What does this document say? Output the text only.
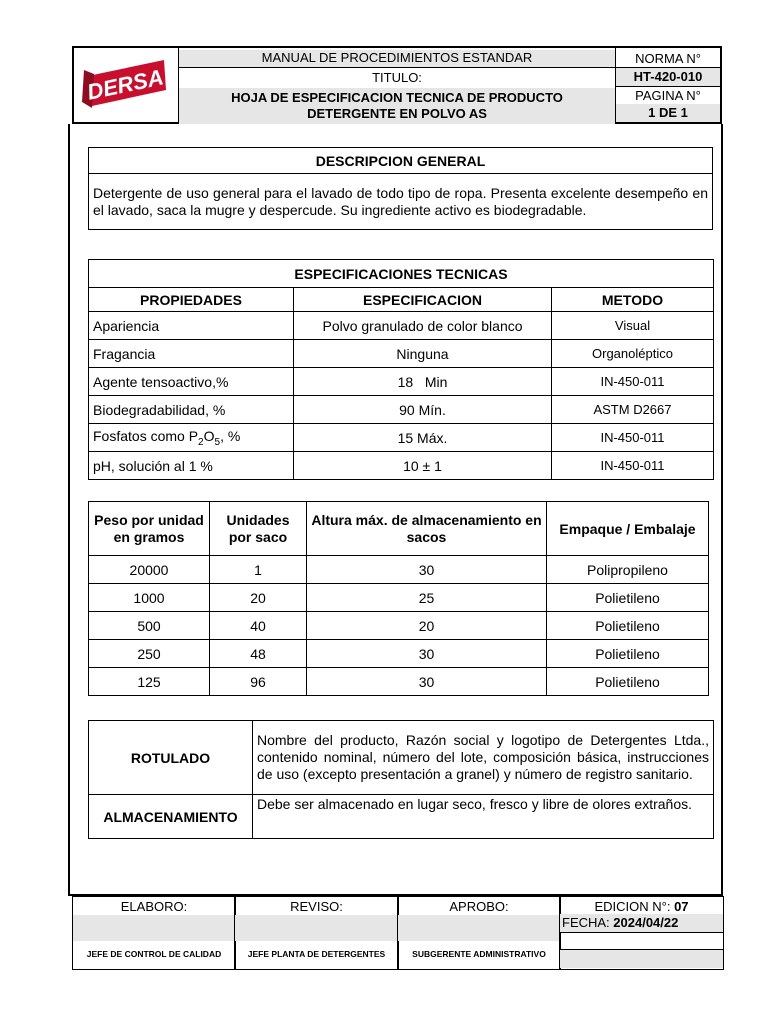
DERSA
MANUAL DE PROCEDIMIENTOS ESTANDAR
TITULO:
HOJA DE ESPECIFICACION TECNICA DE PRODUCTO
DETERGENTE EN POLVO AS
NORMA N°
HT-420-010
PAGINA N°
1 DE 1
DESCRIPCION GENERAL
Detergente de uso general para el lavado de todo tipo de ropa. Presenta excelente desempeño en el lavado, saca la mugre y despercude. Su ingrediente activo es biodegradable.
ESPECIFICACIONES TECNICAS		
PROPIEDADES	ESPECIFICACION	METODO
Apariencia	Polvo granulado de color blanco	Visual
Fragancia	Ninguna	Organoléptico
Agente tensoactivo,%	18   Min	IN-450-011
Biodegradabilidad, %	90 Mín.	ASTM D2667
Fosfatos como $P_2O_5$, %	15 Máx.	IN-450-011
pH, solución al 1 %	10 ± 1	IN-450-011
Peso por unidad en gramos	Unidades por saco	Altura máx. de almacenamiento en sacos	Empaque / Embalaje
20000	1	30	Polipropileno
1000	20	25	Polietileno
500	40	20	Polietileno
250	48	30	Polietileno
125	96	30	Polietileno
ROTULADO	Nombre del producto, Razón social y logotipo de Detergentes Ltda., contenido nominal, número del lote, composición básica, instrucciones de uso (excepto presentación a granel) y número de registro sanitario.
ALMACENAMIENTO	Debe ser almacenado en lugar seco, fresco y libre de olores extraños.
ELABORO:
JEFE DE CONTROL DE CALIDAD
REVISO:
JEFE PLANTA DE DETERGENTES
APROBO:
SUBGERENTE ADMINISTRATIVO
EDICION N°: 07
FECHA: 2024/04/22
